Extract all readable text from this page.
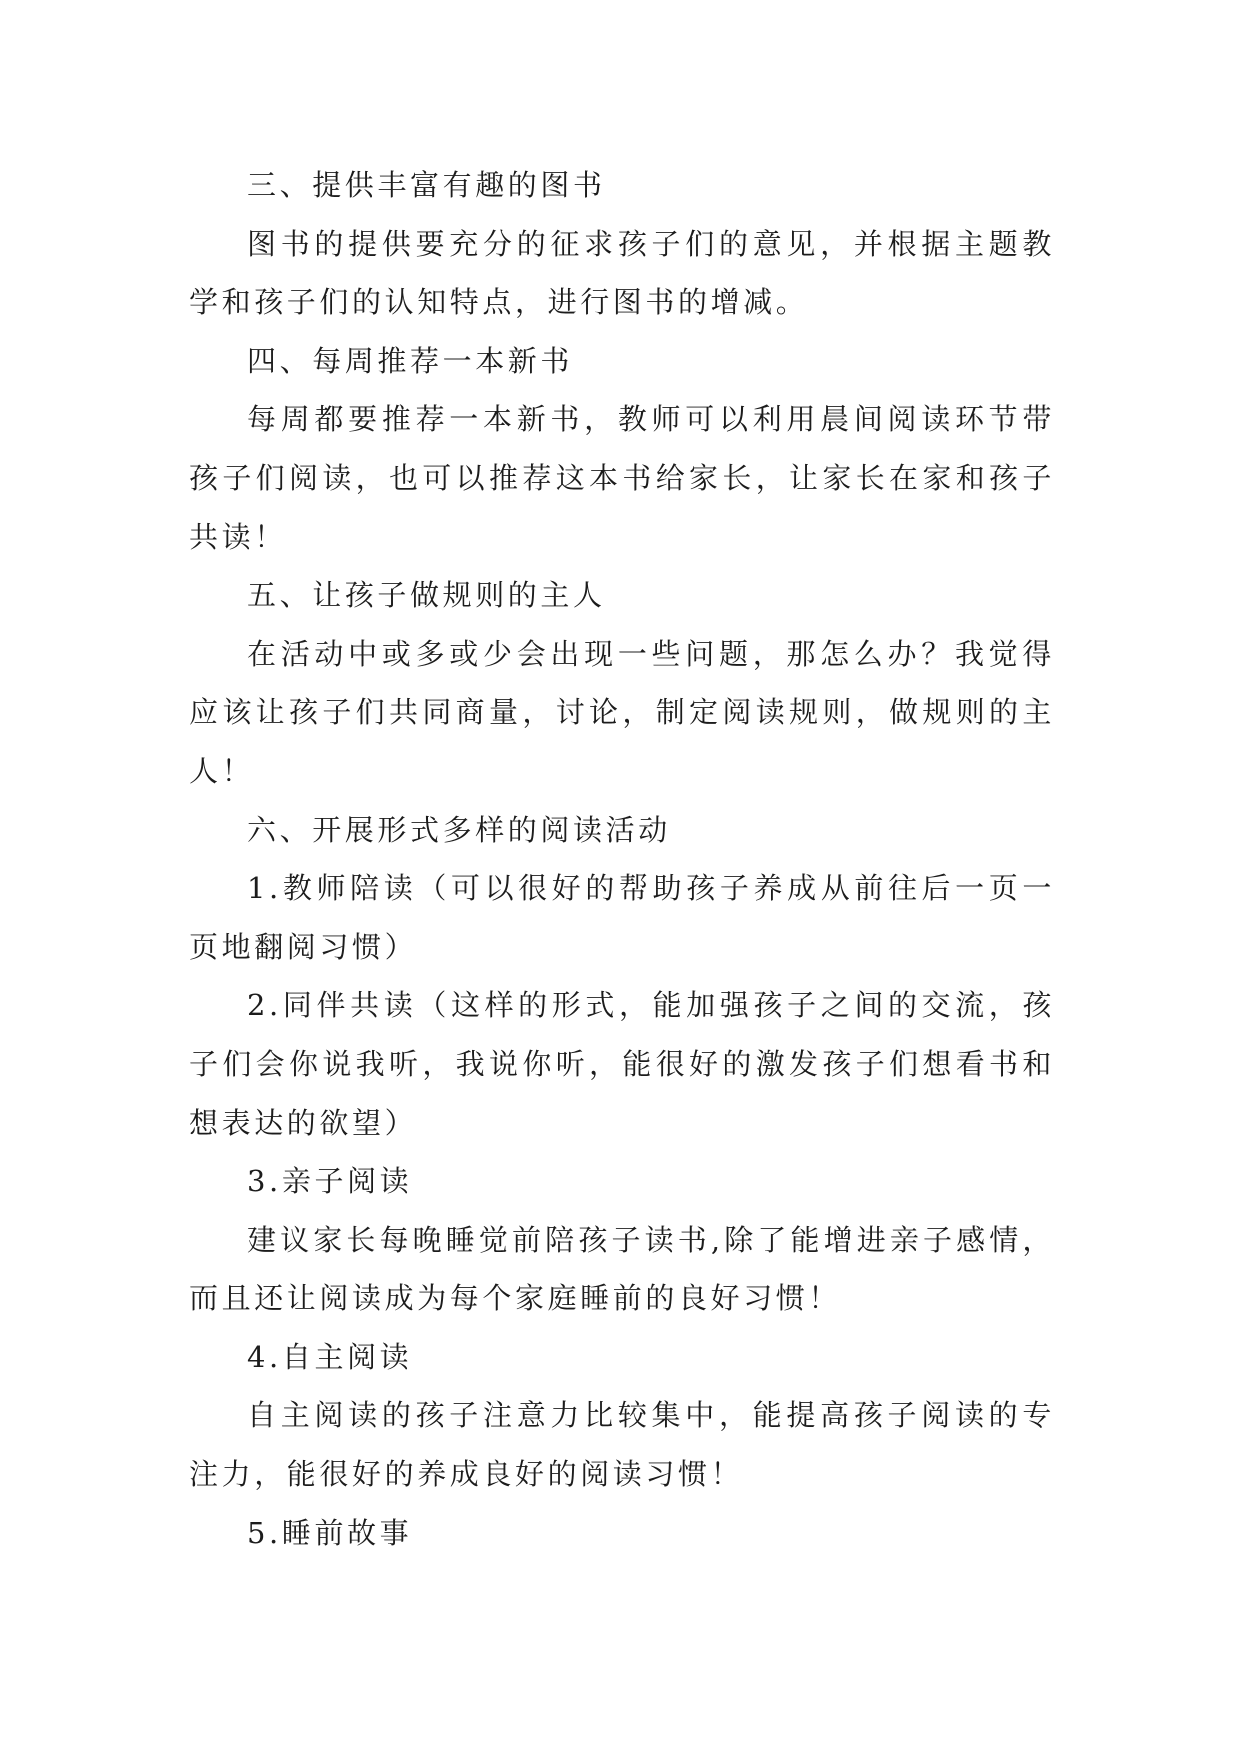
三、提供丰富有趣的图书

图书的提供要充分的征求孩子们的意见，并根据主题教学和孩子们的认知特点，进行图书的增减。

四、每周推荐一本新书

每周都要推荐一本新书，教师可以利用晨间阅读环节带孩子们阅读，也可以推荐这本书给家长，让家长在家和孩子共读！

五、让孩子做规则的主人

在活动中或多或少会出现一些问题，那怎么办？我觉得应该让孩子们共同商量，讨论，制定阅读规则，做规则的主人！

六、开展形式多样的阅读活动

1.教师陪读（可以很好的帮助孩子养成从前往后一页一页地翻阅习惯）

2.同伴共读（这样的形式，能加强孩子之间的交流，孩子们会你说我听，我说你听，能很好的激发孩子们想看书和想表达的欲望）

3.亲子阅读

建议家长每晚睡觉前陪孩子读书,除了能增进亲子感情，而且还让阅读成为每个家庭睡前的良好习惯！

4.自主阅读

自主阅读的孩子注意力比较集中，能提高孩子阅读的专注力，能很好的养成良好的阅读习惯！

5.睡前故事
